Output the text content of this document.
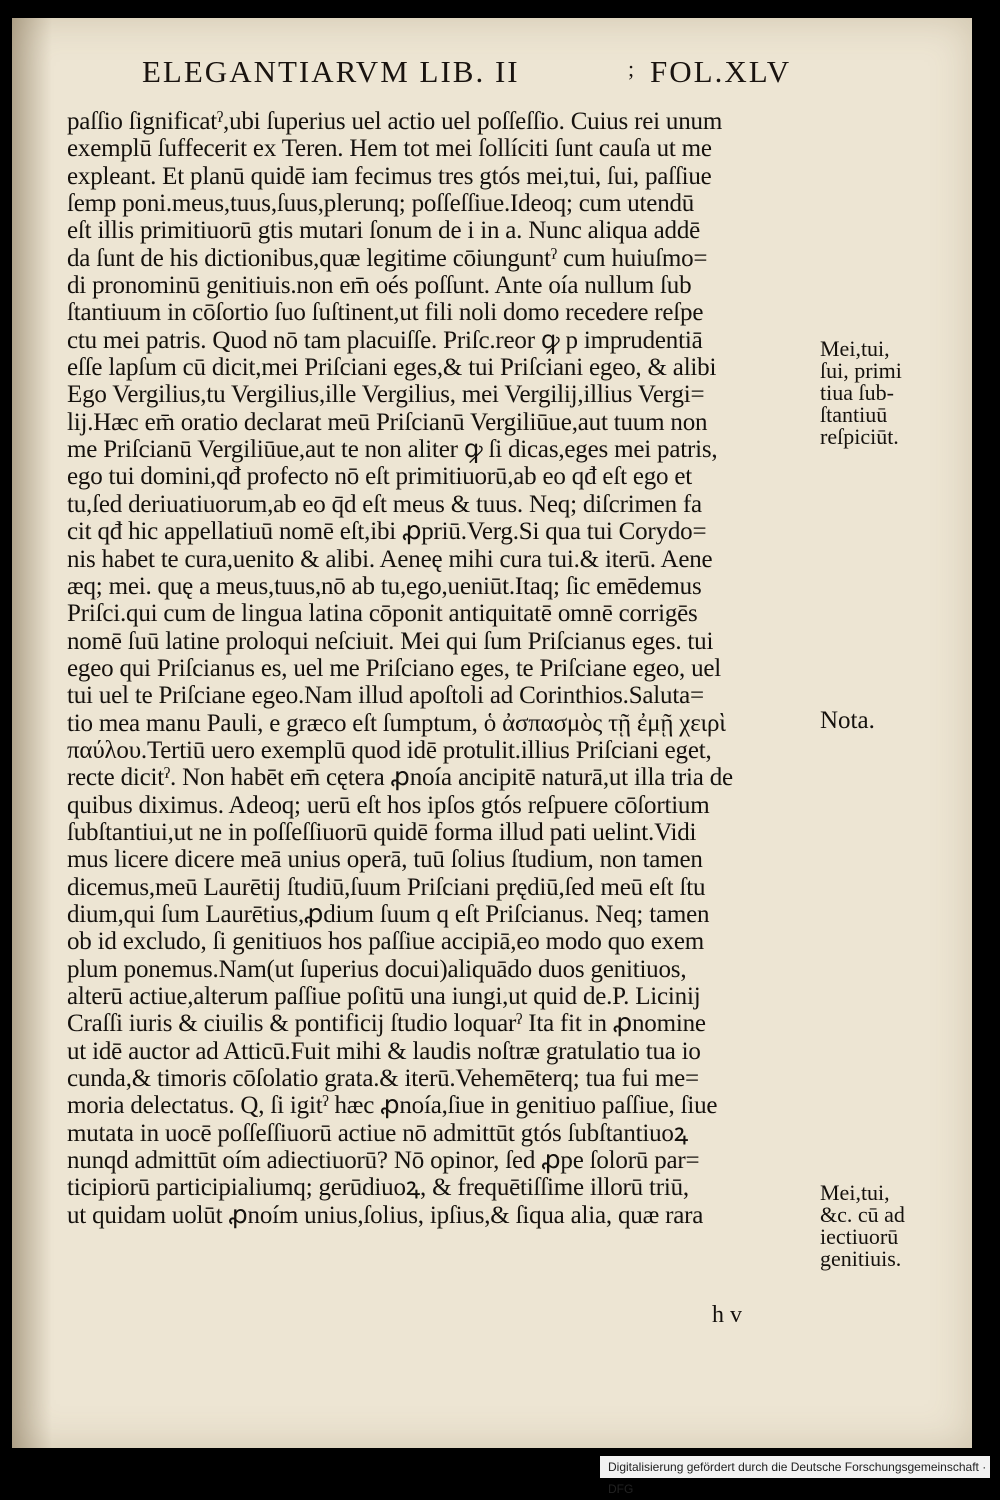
ELEGANTIARVM LIB. II	; FOL.XLV
paſſio ſignificatˀ,ubi ſuperius uel actio uel poſſeſſio. Cuius rei unum
exemplū ſuffecerit ex Teren. Hem tot mei ſollíciti ſunt cauſa ut me
expleant. Et planū quidē iam fecimus tres gtós mei,tui, ſui, paſſiue
ſemp poni.meus,tuus,ſuus,plerunq; poſſeſſiue.Ideoq; cum utendū
eſt illis primitiuorū gtis mutari ſonum de i in a. Nunc aliqua addē
da ſunt de his dictionibus,quæ legitime cōiunguntˀ cum huiuſmo=
di pronominū genitiuis.non em̄ oés poſſunt. Ante oía nullum ſub
ſtantiuum in cōſortio ſuo ſuſtinent,ut fili noli domo recedere reſpe
ctu mei patris. Quod nō tam placuiſſe. Priſc.reor ꝙ p imprudentiā
eſſe lapſum cū dicit,mei Priſciani eges,& tui Priſciani egeo, & alibi
Ego Vergilius,tu Vergilius,ille Vergilius, mei Vergilij,illius Vergi=
lij.Hæc em̄ oratio declarat meū Priſcianū Vergiliūue,aut tuum non
me Priſcianū Vergiliūue,aut te non aliter ꝙ ſi dicas,eges mei patris,
ego tui domini,qđ profecto nō eſt primitiuorū,ab eo qđ eſt ego et
tu,ſed deriuatiuorum,ab eo q̄d eſt meus & tuus. Neq; diſcrimen fa
cit qđ hic appellatiuū nomē eſt,ibi ꝓpriū.Verg.Si qua tui Corydo=
nis habet te cura,uenito & alibi. Aeneę mihi cura tui.& iterū. Aene
æq; mei. quę a meus,tuus,nō ab tu,ego,ueniūt.Itaq; ſic emēdemus
Priſci.qui cum de lingua latina cōponit antiquitatē omnē corrigēs
nomē ſuū latine proloqui neſciuit. Mei qui ſum Priſcianus eges. tui
egeo qui Priſcianus es, uel me Priſciano eges, te Priſciane egeo, uel
tui uel te Priſciane egeo.Nam illud apoſtoli ad Corinthios.Saluta=
tio mea manu Pauli, e græco eſt ſumptum, ὁ ἀσπασμὸς τῇ ἐμῇ χειρὶ
παύλου.Tertiū uero exemplū quod idē protulit.illius Priſciani eget,
recte dicitˀ. Non habēt em̄ cętera ꝓnoía ancipitē naturā,ut illa tria de
quibus diximus. Adeoq; uerū eſt hos ipſos gtós reſpuere cōſortium
ſubſtantiui,ut ne in poſſeſſiuorū quidē forma illud pati uelint.Vidi
mus licere dicere meā unius operā, tuū ſolius ſtudium, non tamen
dicemus,meū Laurētij ſtudiū,ſuum Priſciani prędiū,ſed meū eſt ſtu
dium,qui ſum Laurētius,ꝓdium ſuum q eſt Priſcianus. Neq; tamen
ob id excludo, ſi genitiuos hos paſſiue accipiā,eo modo quo exem
plum ponemus.Nam(ut ſuperius docui)aliquādo duos genitiuos,
alterū actiue,alterum paſſiue poſitū una iungi,ut quid de.P. Licinij
Craſſi iuris & ciuilis & pontificij ſtudio loquarˀ Ita fit in ꝓnomine
ut idē auctor ad Atticū.Fuit mihi & laudis noſtræ gratulatio tua io
cunda,& timoris cōſolatio grata.& iterū.Vehemēterq; tua fui me=
moria delectatus. Q, ſi igitˀ hæc ꝓnoía,ſiue in genitiuo paſſiue, ſiue
mutata in uocē poſſeſſiuorū actiue nō admittūt gtós ſubſtantiuoꝝ
nunqd admittūt oím adiectiuorū? Nō opinor, ſed ꝓpe ſolorū par=
ticipiorū participialiumq; gerūdiuoꝝ, & frequētiſſime illorū triū,
ut quidam uolūt ꝓnoím unius,ſolius, ipſius,& ſiqua alia, quæ rara
Mei,tui,
ſui, primi
tiua ſub-
ſtantiuū
reſpiciūt.
Nota.
Mei,tui,
&c. cū ad
iectiuorū
genitiuis.
h v
Digitalisierung gefördert durch die Deutsche Forschungsgemeinschaft · DFG
